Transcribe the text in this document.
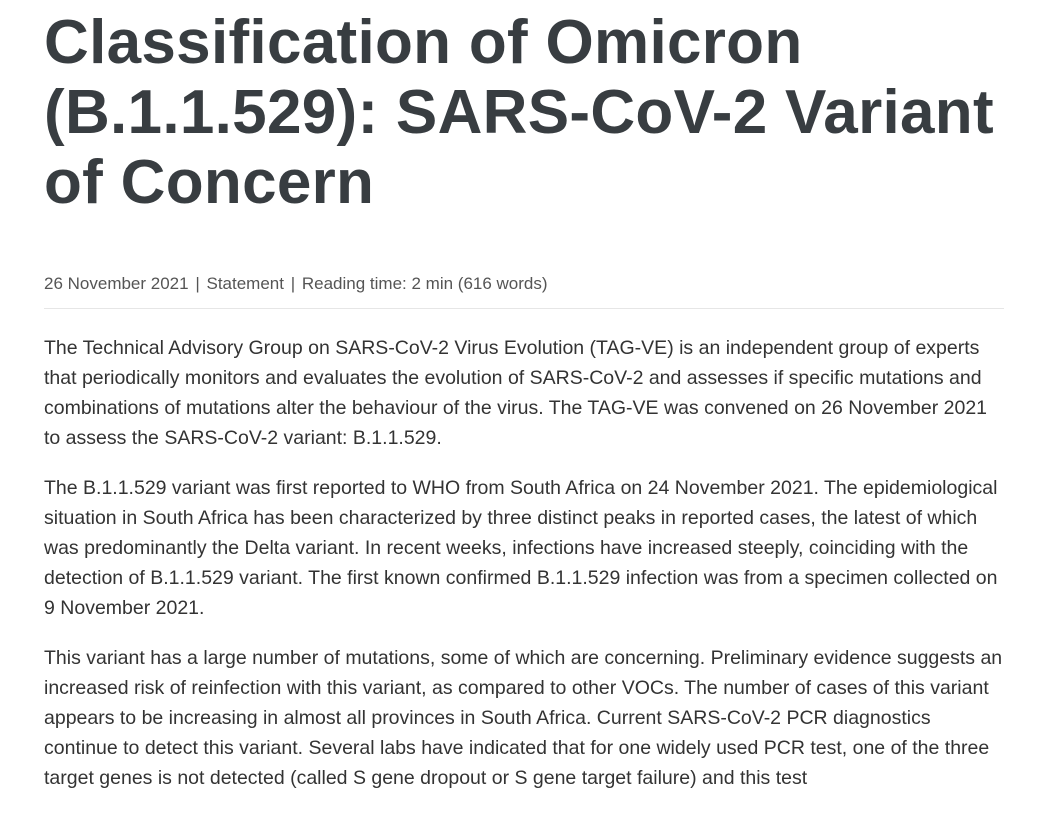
Classification of Omicron (B.1.1.529): SARS-CoV-2 Variant of Concern
26 November 2021 | Statement | Reading time: 2 min (616 words)

The Technical Advisory Group on SARS-CoV-2 Virus Evolution (TAG-VE) is an independent group of experts that periodically monitors and evaluates the evolution of SARS-CoV-2 and assesses if specific mutations and combinations of mutations alter the behaviour of the virus. The TAG-VE was convened on 26 November 2021 to assess the SARS-CoV-2 variant: B.1.1.529.

The B.1.1.529 variant was first reported to WHO from South Africa on 24 November 2021. The epidemiological situation in South Africa has been characterized by three distinct peaks in reported cases, the latest of which was predominantly the Delta variant. In recent weeks, infections have increased steeply, coinciding with the detection of B.1.1.529 variant. The first known confirmed B.1.1.529 infection was from a specimen collected on 9 November 2021.

This variant has a large number of mutations, some of which are concerning. Preliminary evidence suggests an increased risk of reinfection with this variant, as compared to other VOCs. The number of cases of this variant appears to be increasing in almost all provinces in South Africa. Current SARS-CoV-2 PCR diagnostics continue to detect this variant. Several labs have indicated that for one widely used PCR test, one of the three target genes is not detected (called S gene dropout or S gene target failure) and this test
